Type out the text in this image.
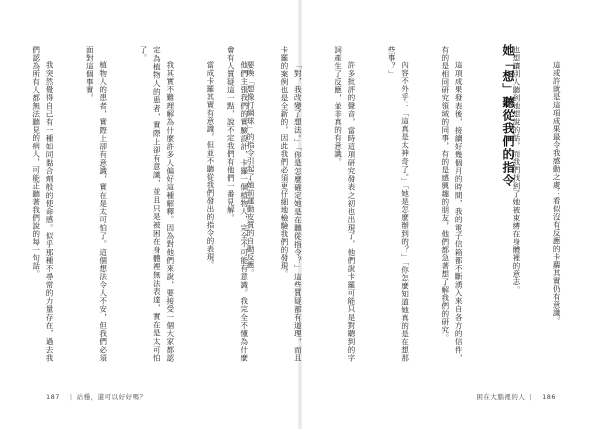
要喚「想像打網球」的指令引起了她前運動皮質的自動反應。

當成卡羅其實有意識，但並不聽從我們發出的指令的表現。

我其實不難理解為什麼許多人偏好這種解釋。因為對他們來說，要接受一個大家都認定為植物人的患者，實際上卻有意識，並且只是被困在身體裡無法表達，實在是太可怕了。

植物人的患者，實際上卻有意識，實在是太可怕了。這個想法令人不安，但我們必須面對這個事實。

我突然覺得自己有一種如同黏合劑般的使命感。似乎那種不尋常的力量存在，過去我們認為所有人都無法聽見的病人，可能正聽著我們說的每一句話。

187 | 站穩，還可以好好嗎？

這或許就是這項成果最令我感動之處：看似沒有反應的卡蘿其實仍有意識。

也想讓別人聽到她想說的話，而我們找到了她被束縛在身體裡的意志。

她「想」聽從我們的指令

這項成果發表後，接續好幾個月的時間，我的電子信箱都不斷湧入來自各方的信件，有的是相同研究領域的同事，有的是感興趣的朋友，他們都急著想了解我們的研究。

內容不外乎：「這真是太神奇了。」「她是怎麼辦到的？」「你怎麼知道她真的是在想那些事？」

許多批評的聲音，當時這項研究發表之初也出現了，他們說卡羅可能只是對聽到的字詞產生了反應，並非真的有意識。

「對，我改變了想法。」「你是怎麼確定她是在聽從指令？」這些質疑都有道理，而且卡羅的案例也是全新的，因此我們必須更仔細地檢驗我們的發現。

他們主張我們的實驗設計，卡羅一個植物人，完全不可能有意識。我完全不懂為什麼會有人質疑這一點，說不定我們有他們一番見解。

困在大腦裡的人 | 186
